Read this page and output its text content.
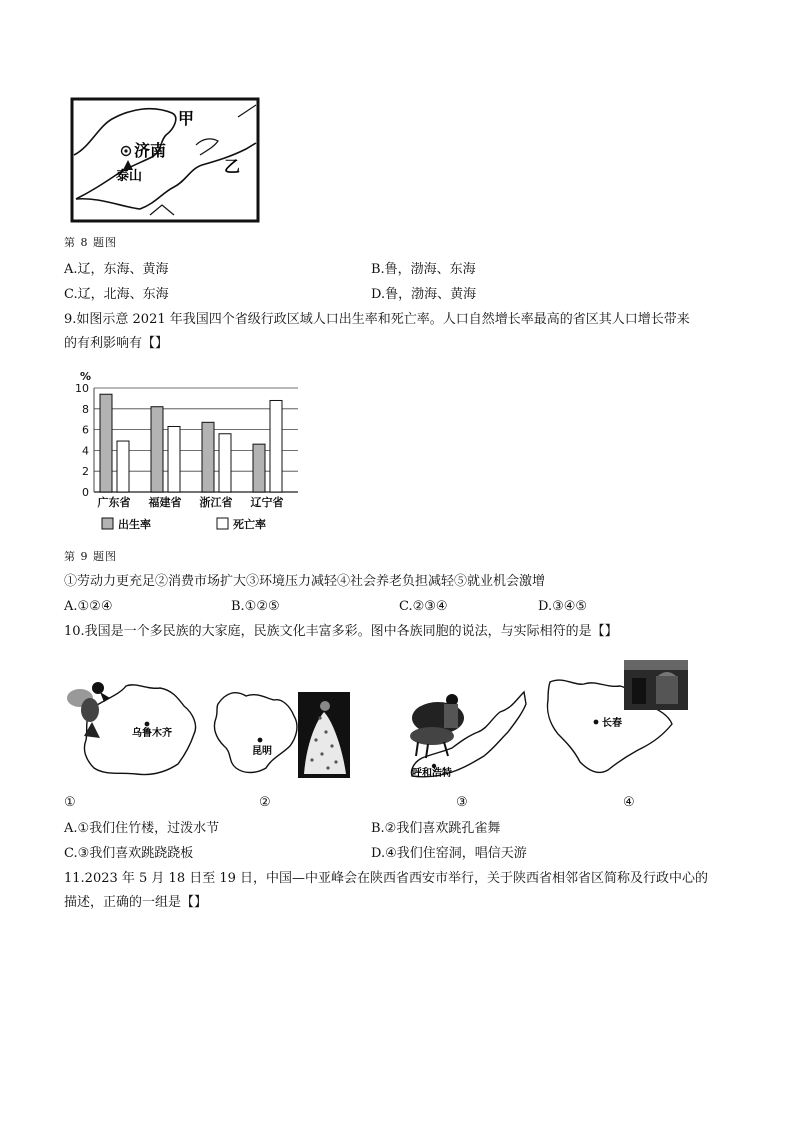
甲
济南
泰山
乙
第 8 题图
A.辽，东海、黄海	B.鲁，渤海、东海
C.辽，北海、东海	D.鲁，渤海、黄海
9.如图示意 2021 年我国四个省级行政区域人口出生率和死亡率。人口自然增长率最高的省区其人口增长带来
的有利影响有【】
0
2
4
6
8
10
%
广东省 福建省 浙江省 辽宁省
出生率	死亡率
第 9 题图
①劳动力更充足②消费市场扩大③环境压力减轻④社会养老负担减轻⑤就业机会激增
A.①②④	B.①②⑤	C.②③④	D.③④⑤
10.我国是一个多民族的大家庭，民族文化丰富多彩。图中各族同胞的说法，与实际相符的是【】
乌鲁木齐
昆明
呼和浩特
长春
①	②	③	④
A.①我们住竹楼，过泼水节	B.②我们喜欢跳孔雀舞
C.③我们喜欢跳跷跷板	D.④我们住窑洞，唱信天游
11.2023 年 5 月 18 日至 19 日，中国—中亚峰会在陕西省西安市举行，关于陕西省相邻省区简称及行政中心的
描述，正确的一组是【】
